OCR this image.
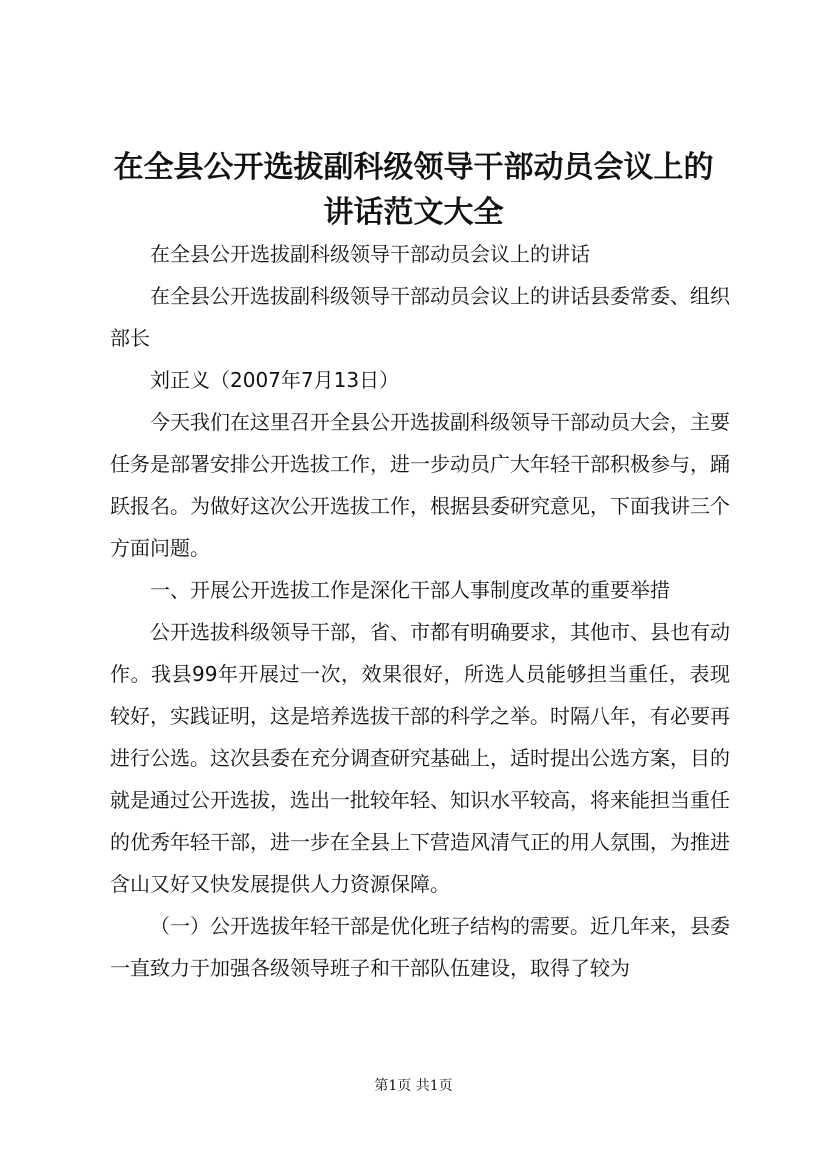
在全县公开选拔副科级领导干部动员会议上的
讲话范文大全

在全县公开选拔副科级领导干部动员会议上的讲话

在全县公开选拔副科级领导干部动员会议上的讲话县委常委、组织部长

刘正义（2007年7月13日）

今天我们在这里召开全县公开选拔副科级领导干部动员大会，主要任务是部署安排公开选拔工作，进一步动员广大年轻干部积极参与，踊跃报名。为做好这次公开选拔工作，根据县委研究意见，下面我讲三个方面问题。

一、开展公开选拔工作是深化干部人事制度改革的重要举措

公开选拔科级领导干部，省、市都有明确要求，其他市、县也有动作。我县99年开展过一次，效果很好，所选人员能够担当重任，表现较好，实践证明，这是培养选拔干部的科学之举。时隔八年，有必要再进行公选。这次县委在充分调查研究基础上，适时提出公选方案，目的就是通过公开选拔，选出一批较年轻、知识水平较高，将来能担当重任的优秀年轻干部，进一步在全县上下营造风清气正的用人氛围，为推进含山又好又快发展提供人力资源保障。

（一）公开选拔年轻干部是优化班子结构的需要。近几年来，县委一直致力于加强各级领导班子和干部队伍建设，取得了较为

第1页 共1页
